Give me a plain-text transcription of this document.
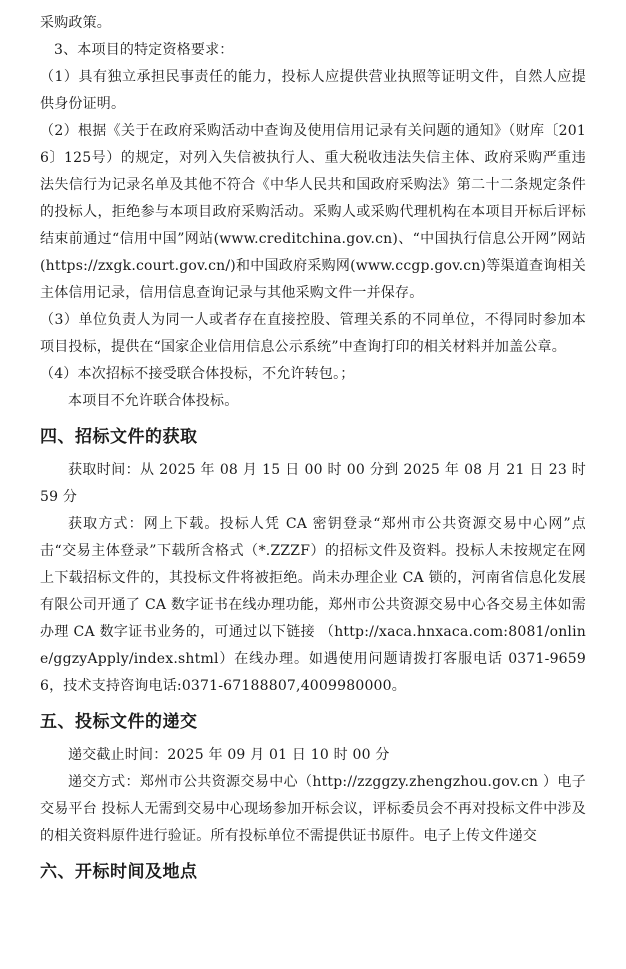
采购政策。

3、本项目的特定资格要求：

（1）具有独立承担民事责任的能力，投标人应提供营业执照等证明文件，自然人应提供身份证明。

（2）根据《关于在政府采购活动中查询及使用信用记录有关问题的通知》（财库〔2016〕125号）的规定，对列入失信被执行人、重大税收违法失信主体、政府采购严重违法失信行为记录名单及其他不符合《中华人民共和国政府采购法》第二十二条规定条件的投标人，拒绝参与本项目政府采购活动。采购人或采购代理机构在本项目开标后评标结束前通过“信用中国”网站(www.creditchina.gov.cn)、“中国执行信息公开网”网站(https://zxgk.court.gov.cn/)和中国政府采购网(www.ccgp.gov.cn)等渠道查询相关主体信用记录，信用信息查询记录与其他采购文件一并保存。

（3）单位负责人为同一人或者存在直接控股、管理关系的不同单位，不得同时参加本项目投标，提供在“国家企业信用信息公示系统”中查询打印的相关材料并加盖公章。

（4）本次招标不接受联合体投标，不允许转包。；

本项目不允许联合体投标。

四、招标文件的获取

获取时间：从 2025 年 08 月 15 日 00 时 00 分到 2025 年 08 月 21 日 23 时 59 分

获取方式：网上下载。投标人凭 CA 密钥登录“郑州市公共资源交易中心网”点击“交易主体登录”下载所含格式（*.ZZZF）的招标文件及资料。投标人未按规定在网上下载招标文件的，其投标文件将被拒绝。尚未办理企业 CA 锁的，河南省信息化发展有限公司开通了 CA 数字证书在线办理功能，郑州市公共资源交易中心各交易主体如需办理 CA 数字证书业务的，可通过以下链接 （http://xaca.hnxaca.com:8081/online/ggzyApply/index.shtml）在线办理。如遇使用问题请拨打客服电话 0371-96596，技术支持咨询电话:0371-67188807,4009980000。

五、投标文件的递交

递交截止时间：2025 年 09 月 01 日 10 时 00 分

递交方式：郑州市公共资源交易中心（http://zzggzy.zhengzhou.gov.cn ）电子交易平台 投标人无需到交易中心现场参加开标会议，评标委员会不再对投标文件中涉及的相关资料原件进行验证。所有投标单位不需提供证书原件。电子上传文件递交

六、开标时间及地点
